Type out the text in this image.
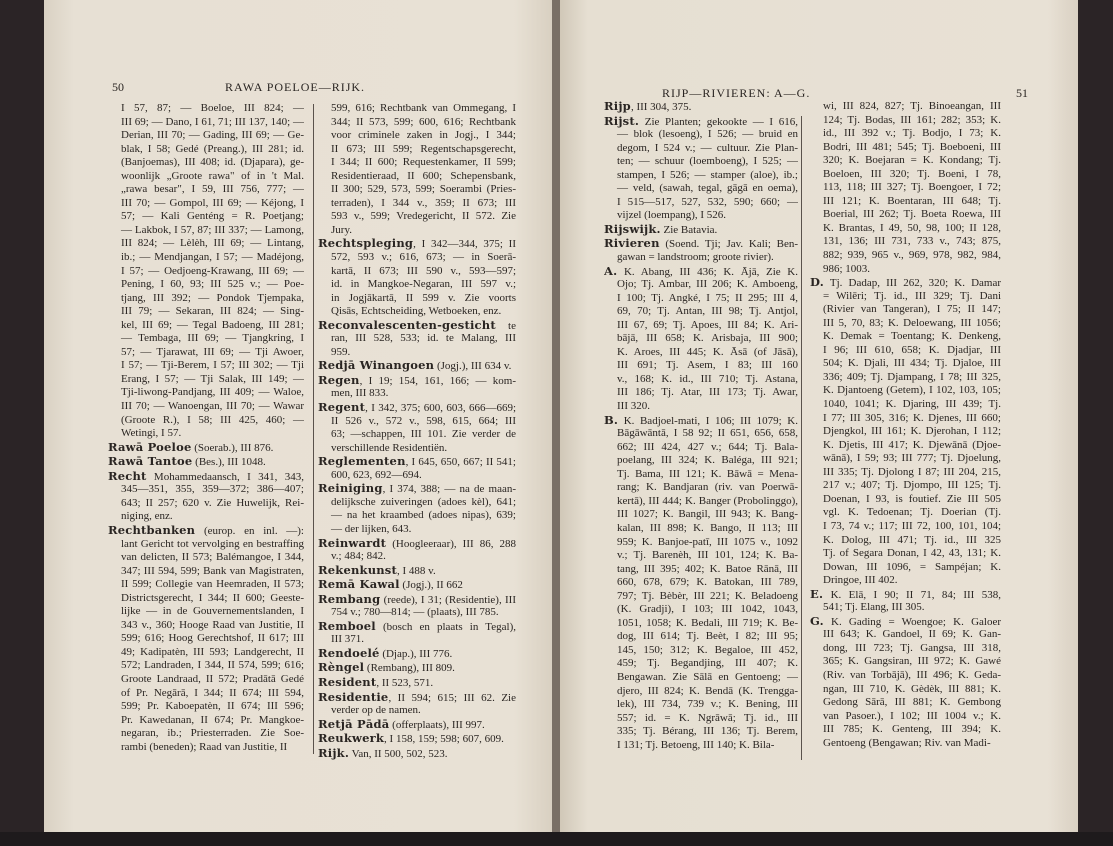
50	RAWA POELOE—RIJK.	RIJP—RIVIEREN: A—G.	51
I 57, 87; — Boeloe, III 824; —
III 69; — Dano, I 61, 71; III 137, 140; —
Derian, III 70; — Gading, III 69; — Ge-
blak, I 58; Gedé (Preang.), III 281; id.
(Banjoemas), III 408; id. (Djapara), ge-
woonlijk „Groote rawa" of in 't Mal.
„rawa besar", I 59, III 756, 777; —
III 70; — Gompol, III 69; — Kéjong, I
57; — Kali Genténg = R. Poetjang;
— Lakbok, I 57, 87; III 337; — Lamong,
III 824; — Lèlèh, III 69; — Lintang,
ib.; — Mendjangan, I 57; — Madéjong,
I 57; — Oedjoeng-Krawang, III 69; —
Pening, I 60, 93; III 525 v.; — Poe-
tjang, III 392; — Pondok Tjempaka,
III 79; — Sekaran, III 824; — Sing-
kel, III 69; — Tegal Badoeng, III 281;
— Tembaga, III 69; — Tjangkring, I
57; — Tjarawat, III 69; — Tji Awoer,
I 57; — Tji-Berem, I 57; III 302; — Tji
Erang, I 57; — Tji Salak, III 149; —
Tji-liwong-Pandjang, III 409; — Waloe,
III 70; — Wanoengan, III 70; — Wawar
(Groote R.), I 58; III 425, 460; —
Wetingi, I 57.
Rawā Poeloe (Soerab.), III 876.
Rawā Tantoe (Bes.), III 1048.
Recht Mohammedaansch, I 341, 343,
345—351, 355, 359—372; 386—407;
643; II 257; 620 v. Zie Huwelijk, Rei-
niging, enz.
Rechtbanken (europ. en inl. —):
lant Gericht tot vervolging en bestraffing
van delicten, II 573; Balémangoe, I 344,
347; III 594, 599; Bank van Magistraten,
II 599; Collegie van Heemraden, II 573;
Districtsgerecht, I 344; II 600; Geeste-
lijke — in de Gouvernementslanden, I
343 v., 360; Hooge Raad van Justitie, II
599; 616; Hoog Gerechtshof, II 617; III
49; Kadipatèn, III 593; Landgerecht, II
572; Landraden, I 344, II 574, 599; 616;
Groote Landraad, II 572; Pradātā Gedé
of Pr. Negārā, I 344; II 674; III 594,
599; Pr. Kaboepatèn, II 674; III 596;
Pr. Kawedanan, II 674; Pr. Mangkoe-
negaran, ib.; Priesterraden. Zie Soe-
rambi (beneden); Raad van Justitie, II
599, 616; Rechtbank van Ommegang, I
344; II 573, 599; 600, 616; Rechtbank
voor criminele zaken in Jogj., I 344;
II 673; III 599; Regentschapsgerecht,
I 344; II 600; Requestenkamer, II 599;
Residentieraad, II 600; Schepensbank,
II 300; 529, 573, 599; Soerambi (Pries-
terraden), I 344 v., 359; II 673; III
593 v., 599; Vredegericht, II 572. Zie
Jury.
Rechtspleging, I 342—344, 375; II
572, 593 v.; 616, 673; — in Soerā-
kartā, II 673; III 590 v., 593—597;
id. in Mangkoe-Negaran, III 597 v.;
in Jogjākartā, II 599 v. Zie voorts
Qisās, Echtscheiding, Wetboeken, enz.
Reconvalescenten-gesticht te
ran, III 528, 533; id. te Malang, III
959.
Redjā Winangoen (Jogj.), III 634 v.
Regen, I 19; 154, 161, 166; — kom-
men, III 833.
Regent, I 342, 375; 600, 603, 666—669;
II 526 v., 572 v., 598, 615, 664; III
63; —schappen, III 101. Zie verder de
verschillende Residentiën.
Reglementen, I 645, 650, 667; II 541;
600, 623, 692—694.
Reiniging, I 374, 388; — na de maan-
delijksche zuiveringen (adoes kèl), 641;
— na het kraambed (adoes nipas), 639;
— der lijken, 643.
Reinwardt (Hoogleeraar), III 86, 288
v.; 484; 842.
Rekenkunst, I 488 v.
Remā Kawal (Jogj.), II 662
Rembang (reede), I 31; (Residentie), III
754 v.; 780—814; — (plaats), III 785.
Remboel (bosch en plaats in Tegal),
III 371.
Rendoelé (Djap.), III 776.
Rèngel (Rembang), III 809.
Resident, II 523, 571.
Residentie, II 594; 615; III 62. Zie
verder op de namen.
Retjā Pādā (offerplaats), III 997.
Reukwerk, I 158, 159; 598; 607, 609.
Rijk. Van, II 500, 502, 523.
Rijp, III 304, 375.
Rijst. Zie Planten; gekookte — I 616,
— blok (lesoeng), I 526; — bruid en
degom, I 524 v.; — cultuur. Zie Plan-
ten; — schuur (loemboeng), I 525; —
stampen, I 526; — stamper (aloe), ib.;
— veld, (sawah, tegal, gāgā en oema),
I 515—517, 527, 532, 590; 660; —
vijzel (loempang), I 526.
Rijswijk. Zie Batavia.
Rivieren (Soend. Tji; Jav. Kali; Ben-
gawan = landstroom; groote rivier).
A. K. Abang, III 436; K. Ājā, Zie K.
Ojo; Tj. Ambar, III 206; K. Amboeng,
I 100; Tj. Angké, I 75; II 295; III 4,
69, 70; Tj. Antan, III 98; Tj. Antjol,
III 67, 69; Tj. Apoes, III 84; K. Ari-
bājā, III 658; K. Arisbaja, III 900;
K. Aroes, III 445; K. Āsā (of Jāsā),
III 691; Tj. Asem, I 83; III 160
v., 168; K. id., III 710; Tj. Astana,
III 186; Tj. Atar, III 173; Tj. Awar,
III 320.
B. K. Badjoel-mati, I 106; III 1079; K.
Bāgāwāntā, I 58 92; II 651, 656, 658,
662; III 424, 427 v.; 644; Tj. Bala-
poelang, III 324; K. Baléga, III 921;
Tj. Bama, III 121; K. Bāwā = Mena-
rang; K. Bandjaran (riv. van Poerwā-
kertā), III 444; K. Banger (Probolinggo),
III 1027; K. Bangil, III 943; K. Bang-
kalan, III 898; K. Bango, II 113; III
959; K. Banjoe-patī, III 1075 v., 1092
v.; Tj. Barenèh, III 101, 124; K. Ba-
tang, III 395; 402; K. Batoe Rānā, III
660, 678, 679; K. Batokan, III 789,
797; Tj. Bèbèr, III 221; K. Beladoeng
(K. Gradji), I 103; III 1042, 1043,
1051, 1058; K. Bedali, III 719; K. Be-
dog, III 614; Tj. Beèt, I 82; III 95;
145, 150; 312; K. Begaloe, III 452,
459; Tj. Begandjing, III 407; K.
Bengawan. Zie Sālā en Gentoeng; —
djero, III 824; K. Bendā (K. Trengga-
lek), III 734, 739 v.; K. Bening, III
557; id. = K. Ngrāwā; Tj. id., III
335; Tj. Bérang, III 136; Tj. Berem,
I 131; Tj. Betoeng, III 140; K. Bila-
wi, III 824, 827; Tj. Binoeangan, III
124; Tj. Bodas, III 161; 282; 353; K.
id., III 392 v.; Tj. Bodjo, I 73; K.
Bodri, III 481; 545; Tj. Boeboeni, III
320; K. Boejaran = K. Kondang; Tj.
Boeloen, III 320; Tj. Boeni, I 78,
113, 118; III 327; Tj. Boengoer, I 72;
III 121; K. Boentaran, III 648; Tj.
Boerial, III 262; Tj. Boeta Roewa, III
K. Brantas, I 49, 50, 98, 100; II 128,
131, 136; III 731, 733 v., 743; 875,
882; 939, 965 v., 969, 978, 982, 984,
986; 1003.
D. Tj. Dadap, III 262, 320; K. Damar
= Wilēri; Tj. id., III 329; Tj. Dani
(Rivier van Tangeran), I 75; II 147;
III 5, 70, 83; K. Deloewang, III 1056;
K. Demak = Toentang; K. Denkeng,
I 96; III 610, 658; K. Djadjar, III
504; K. Djali, III 434; Tj. Djaloe, III
336; 409; Tj. Djampang, I 78; III 325,
K. Djantoeng (Getem), I 102, 103, 105;
1040, 1041; K. Djaring, III 439; Tj.
I 77; III 305, 316; K. Djenes, III 660;
Djengkol, III 161; K. Djerohan, I 112;
K. Djetis, III 417; K. Djewānā (Djoe-
wānā), I 59; 93; III 777; Tj. Djoelung,
III 335; Tj. Djolong I 87; III 204, 215,
217 v.; 407; Tj. Djompo, III 125; Tj.
Doenan, I 93, is foutief. Zie III 505
vgl. K. Tedoenan; Tj. Doerian (Tj.
I 73, 74 v.; 117; III 72, 100, 101, 104;
K. Dolog, III 471; Tj. id., III 325
Tj. of Segara Donan, I 42, 43, 131; K.
Dowan, III 1096, = Sampéjan; K.
Dringoe, III 402.
E. K. Elā, I 90; II 71, 84; III 538,
541; Tj. Elang, III 305.
G. K. Gading = Woengoe; K. Galoer
III 643; K. Gandoel, II 69; K. Gan-
dong, III 723; Tj. Gangsa, III 318,
365; K. Gangsiran, III 972; K. Gawé
(Riv. van Torbājā), III 496; K. Geda-
ngan, III 710, K. Gèdèk, III 881; K.
Gedong Sārā, III 881; K. Gembong
van Pasoer.), I 102; III 1004 v.; K.
III 785; K. Genteng, III 394; K.
Gentoeng (Bengawan; Riv. van Madi-
